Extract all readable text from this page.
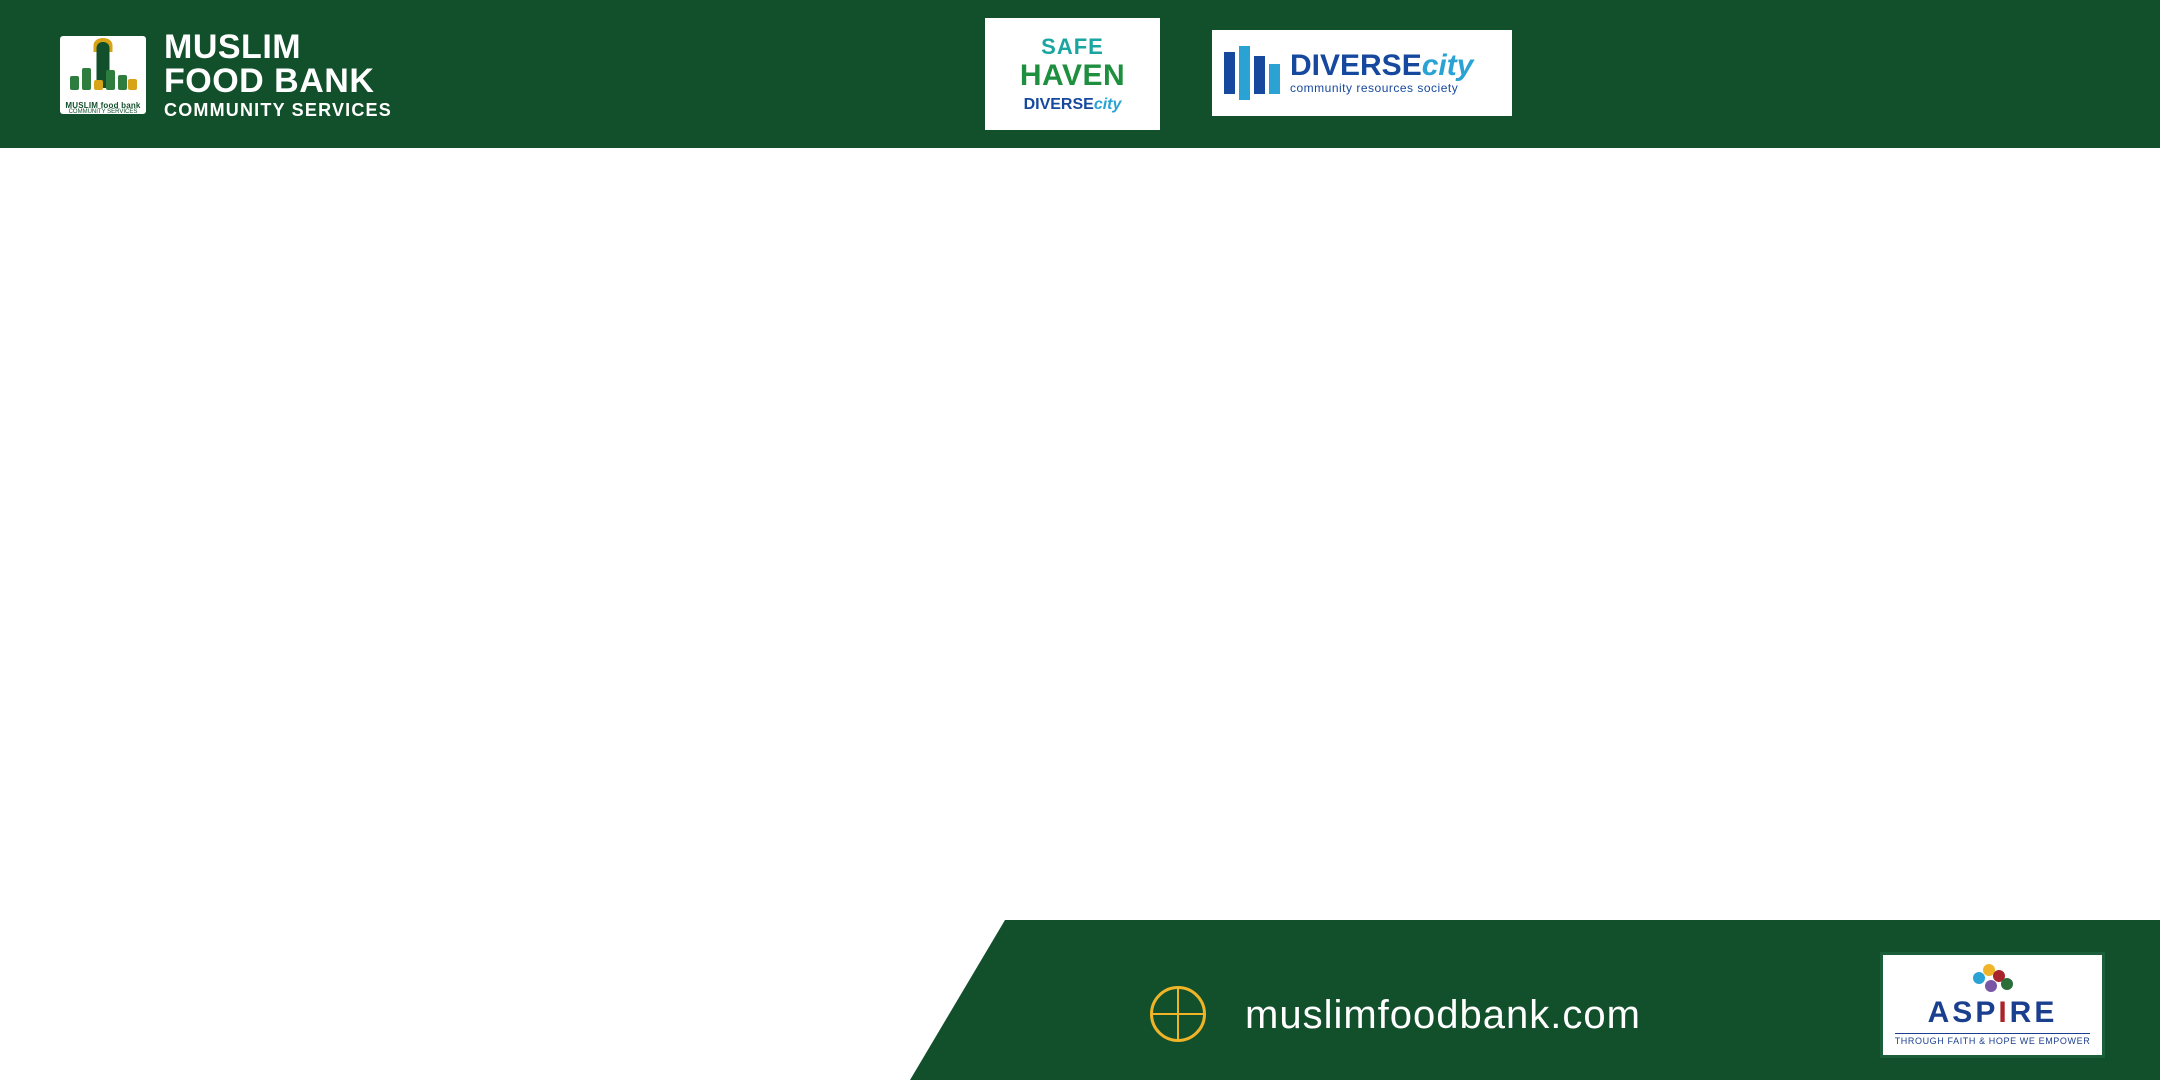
MUSLIM food bank
COMMUNITY SERVICES
MUSLIM
FOOD BANK
COMMUNITY SERVICES
SAFE
HAVEN
DIVERSEcity
DIVERSEcity
community resources society
•
•
•
•
•
•
muslimfoodbank.com	ASPIRE
THROUGH FAITH & HOPE WE EMPOWER
